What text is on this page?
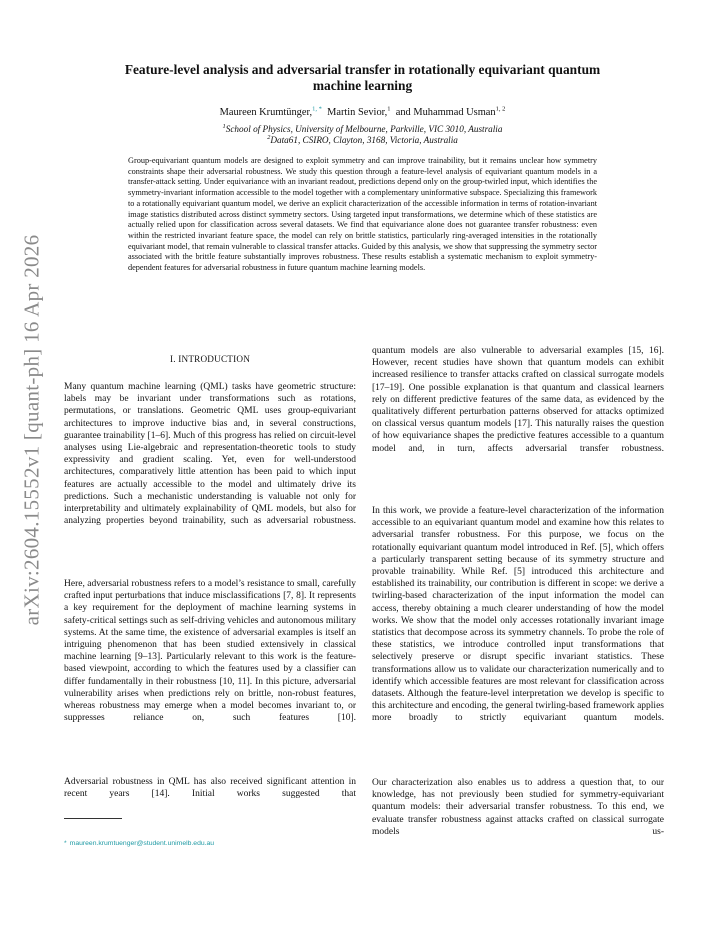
arXiv:2604.15552v1 [quant-ph] 16 Apr 2026
Feature-level analysis and adversarial transfer in rotationally equivariant quantum machine learning
Maureen Krumtünger,$^{1, *}$ Martin Sevior,$^1$ and Muhammad Usman$^{1, 2}$
$^1$School of Physics, University of Melbourne, Parkville, VIC 3010, Australia
$^2$Data61, CSIRO, Clayton, 3168, Victoria, Australia

Group-equivariant quantum models are designed to exploit symmetry and can improve trainability, but it remains unclear how symmetry constraints shape their adversarial robustness. We study this question through a feature-level analysis of equivariant quantum models in a transfer-attack setting. Under equivariance with an invariant readout, predictions depend only on the group-twirled input, which identifies the symmetry-invariant information accessible to the model together with a complementary uninformative subspace. Specializing this framework to a rotationally equivariant quantum model, we derive an explicit characterization of the accessible information in terms of rotation-invariant image statistics distributed across distinct symmetry sectors. Using targeted input transformations, we determine which of these statistics are actually relied upon for classification across several datasets. We find that equivariance alone does not guarantee transfer robustness: even within the restricted invariant feature space, the model can rely on brittle statistics, particularly ring-averaged intensities in the rotationally equivariant model, that remain vulnerable to classical transfer attacks. Guided by this analysis, we show that suppressing the symmetry sector associated with the brittle feature substantially improves robustness. These results establish a systematic mechanism to exploit symmetry-dependent features for adversarial robustness in future quantum machine learning models.

I. INTRODUCTION

Many quantum machine learning (QML) tasks have geometric structure: labels may be invariant under transformations such as rotations, permutations, or translations. Geometric QML uses group-equivariant architectures to improve inductive bias and, in several constructions, guarantee trainability [1–6]. Much of this progress has relied on circuit-level analyses using Lie-algebraic and representation-theoretic tools to study expressivity and gradient scaling. Yet, even for well-understood architectures, comparatively little attention has been paid to which input features are actually accessible to the model and ultimately drive its predictions. Such a mechanistic understanding is valuable not only for interpretability and ultimately explainability of QML models, but also for analyzing properties beyond trainability, such as adversarial robustness.

Here, adversarial robustness refers to a model’s resistance to small, carefully crafted input perturbations that induce misclassifications [7, 8]. It represents a key requirement for the deployment of machine learning systems in safety-critical settings such as self-driving vehicles and autonomous military systems. At the same time, the existence of adversarial examples is itself an intriguing phenomenon that has been studied extensively in classical machine learning [9–13]. Particularly relevant to this work is the feature-based viewpoint, according to which the features used by a classifier can differ fundamentally in their robustness [10, 11]. In this picture, adversarial vulnerability arises when predictions rely on brittle, non-robust features, whereas robustness may emerge when a model becomes invariant to, or suppresses reliance on, such features [10].

Adversarial robustness in QML has also received significant attention in recent years [14]. Initial works suggested that

quantum models are also vulnerable to adversarial examples [15, 16]. However, recent studies have shown that quantum models can exhibit increased resilience to transfer attacks crafted on classical surrogate models [17–19]. One possible explanation is that quantum and classical learners rely on different predictive features of the same data, as evidenced by the qualitatively different perturbation patterns observed for attacks optimized on classical versus quantum models [17]. This naturally raises the question of how equivariance shapes the predictive features accessible to a quantum model and, in turn, affects adversarial transfer robustness.

In this work, we provide a feature-level characterization of the information accessible to an equivariant quantum model and examine how this relates to adversarial transfer robustness. For this purpose, we focus on the rotationally equivariant quantum model introduced in Ref. [5], which offers a particularly transparent setting because of its symmetry structure and provable trainability. While Ref. [5] introduced this architecture and established its trainability, our contribution is different in scope: we derive a twirling-based characterization of the input information the model can access, thereby obtaining a much clearer understanding of how the model works. We show that the model only accesses rotationally invariant image statistics that decompose across its symmetry channels. To probe the role of these statistics, we introduce controlled input transformations that selectively preserve or disrupt specific invariant statistics. These transformations allow us to validate our characterization numerically and to identify which accessible features are most relevant for classification across datasets. Although the feature-level interpretation we develop is specific to this architecture and encoding, the general twirling-based framework applies more broadly to strictly equivariant quantum models.

Our characterization also enables us to address a question that, to our knowledge, has not previously been studied for symmetry-equivariant quantum models: their adversarial transfer robustness. To this end, we evaluate transfer robustness against attacks crafted on classical surrogate models us-

* maureen.krumtuenger@student.unimelb.edu.au
